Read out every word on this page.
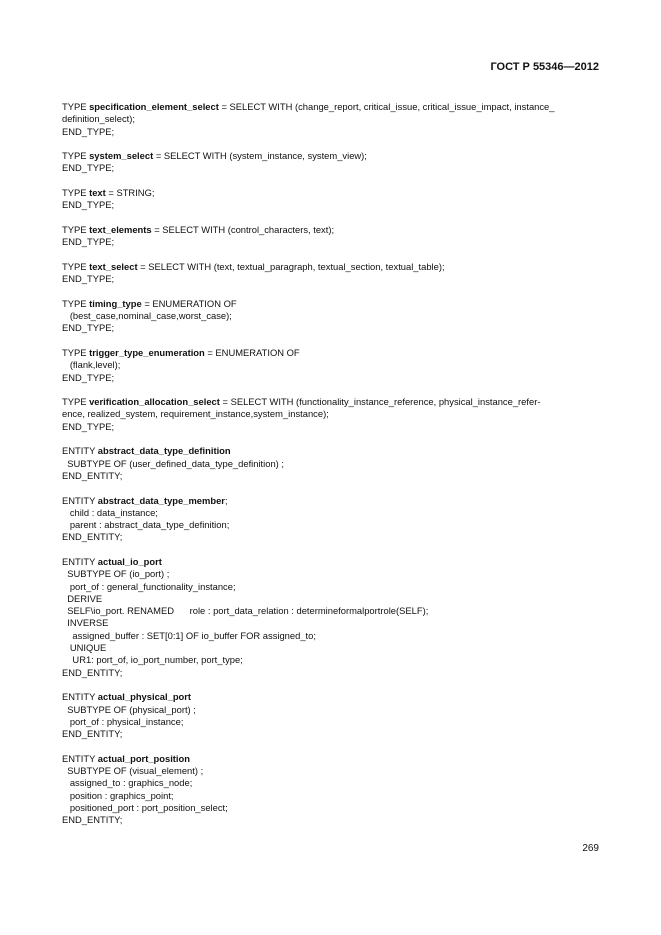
ГОСТ Р 55346—2012
TYPE specification_element_select = SELECT WITH (change_report, critical_issue, critical_issue_impact, instance_
definition_select);
END_TYPE;
TYPE system_select = SELECT WITH (system_instance, system_view);
END_TYPE;
TYPE text = STRING;
END_TYPE;
TYPE text_elements = SELECT WITH (control_characters, text);
END_TYPE;
TYPE text_select = SELECT WITH (text, textual_paragraph, textual_section, textual_table);
END_TYPE;
TYPE timing_type = ENUMERATION OF
(best_case,nominal_case,worst_case);
END_TYPE;
TYPE trigger_type_enumeration = ENUMERATION OF
(flank,level);
END_TYPE;
TYPE verification_allocation_select = SELECT WITH (functionality_instance_reference, physical_instance_refer-
ence, realized_system, requirement_instance,system_instance);
END_TYPE;
ENTITY abstract_data_type_definition
SUBTYPE OF (user_defined_data_type_definition) ;
END_ENTITY;
ENTITY abstract_data_type_member;
child : data_instance;
parent : abstract_data_type_definition;
END_ENTITY;
ENTITY actual_io_port
SUBTYPE OF (io_port) ;
port_of : general_functionality_instance;
DERIVE
SELF\io_port. RENAMED      role : port_data_relation : determineformalportrole(SELF);
INVERSE
assigned_buffer : SET[0:1] OF io_buffer FOR assigned_to;
UNIQUE
UR1: port_of, io_port_number, port_type;
END_ENTITY;
ENTITY actual_physical_port
SUBTYPE OF (physical_port) ;
port_of : physical_instance;
END_ENTITY;
ENTITY actual_port_position
SUBTYPE OF (visual_element) ;
assigned_to : graphics_node;
position : graphics_point;
positioned_port : port_position_select;
END_ENTITY;
269
